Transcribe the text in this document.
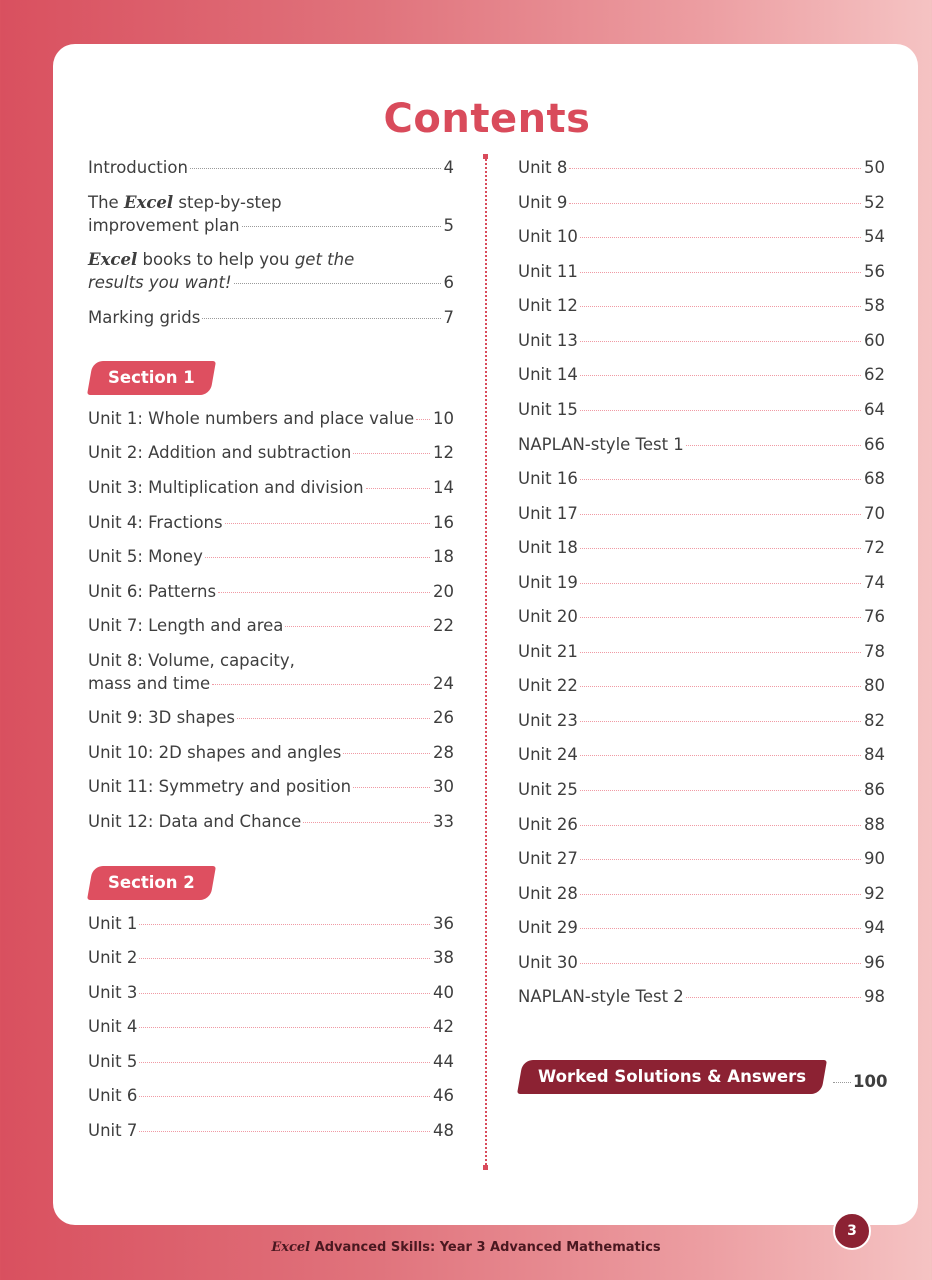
Contents
Introduction	4
The Excel step-by-step
improvement plan	5
Excel books to help you get the
results you want!	6
Marking grids	7
Section 1
Unit 1: Whole numbers and place value 10
Unit 2: Addition and subtraction	12
Unit 3: Multiplication and division	14
Unit 4: Fractions	16
Unit 5: Money	18
Unit 6: Patterns	20
Unit 7: Length and area	22
Unit 8: Volume, capacity,
mass and time	24
Unit 9: 3D shapes	26
Unit 10: 2D shapes and angles	28
Unit 11: Symmetry and position	30
Unit 12: Data and Chance	33
Section 2
Unit 1	36
Unit 2	38
Unit 3	40
Unit 4	42
Unit 5	44
Unit 6	46
Unit 7	48
Unit 8	50
Unit 9	52
Unit 10	54
Unit 11	56
Unit 12	58
Unit 13	60
Unit 14	62
Unit 15	64
NAPLAN-style Test 1	66
Unit 16	68
Unit 17	70
Unit 18	72
Unit 19	74
Unit 20	76
Unit 21	78
Unit 22	80
Unit 23	82
Unit 24	84
Unit 25	86
Unit 26	88
Unit 27	90
Unit 28	92
Unit 29	94
Unit 30	96
NAPLAN-style Test 2	98
Worked Solutions & Answers	100
Excel Advanced Skills: Year 3 Advanced Mathematics
3
